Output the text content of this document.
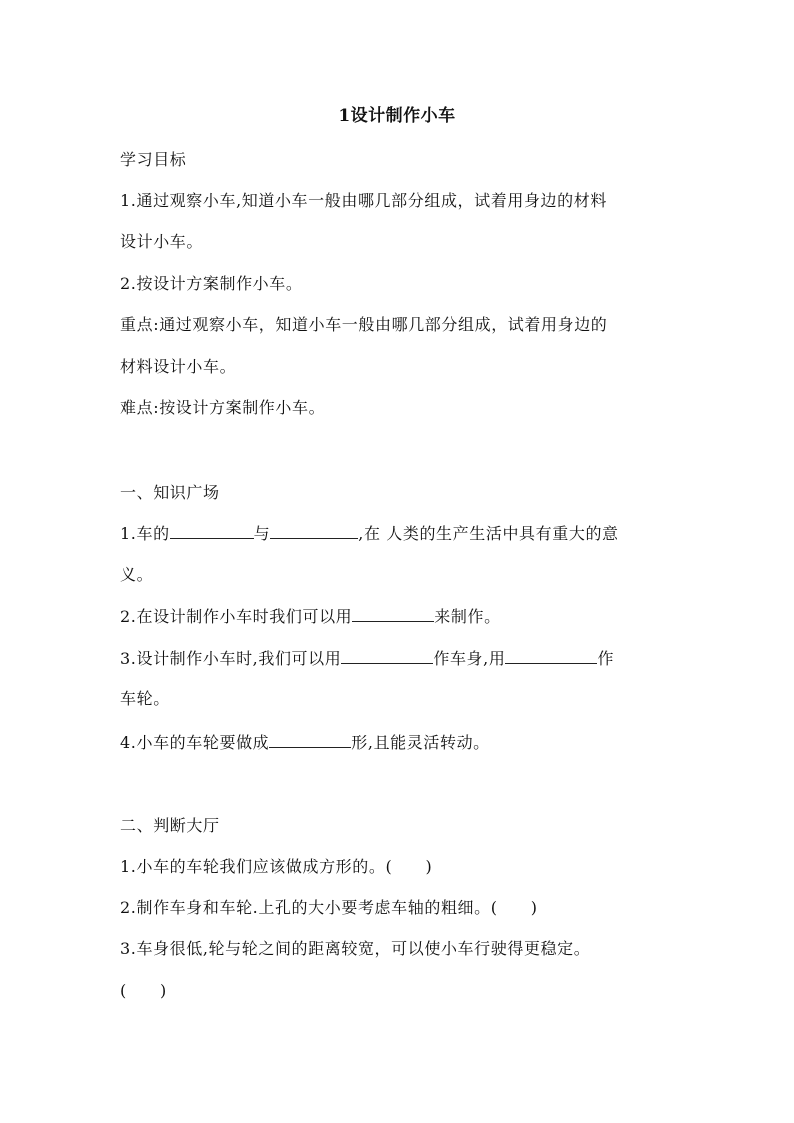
1设计制作小车
学习目标
1.通过观察小车,知道小车一般由哪几部分组成，试着用身边的材料
设计小车。
2.按设计方案制作小车。
重点:通过观察小车，知道小车一般由哪几部分组成，试着用身边的
材料设计小车。
难点:按设计方案制作小车。
一、知识广场
1.车的	与	,在 人类的生产生活中具有重大的意
义。
2.在设计制作小车时我们可以用	来制作。
3.设计制作小车时,我们可以用	作车身,用	作
车轮。
4.小车的车轮要做成	形,且能灵活转动。
二、判断大厅
1.小车的车轮我们应该做成方形的。(　　)
2.制作车身和车轮.上孔的大小要考虑车轴的粗细。(　　)
3.车身很低,轮与轮之间的距离较宽，可以使小车行驶得更稳定。
(　　)
